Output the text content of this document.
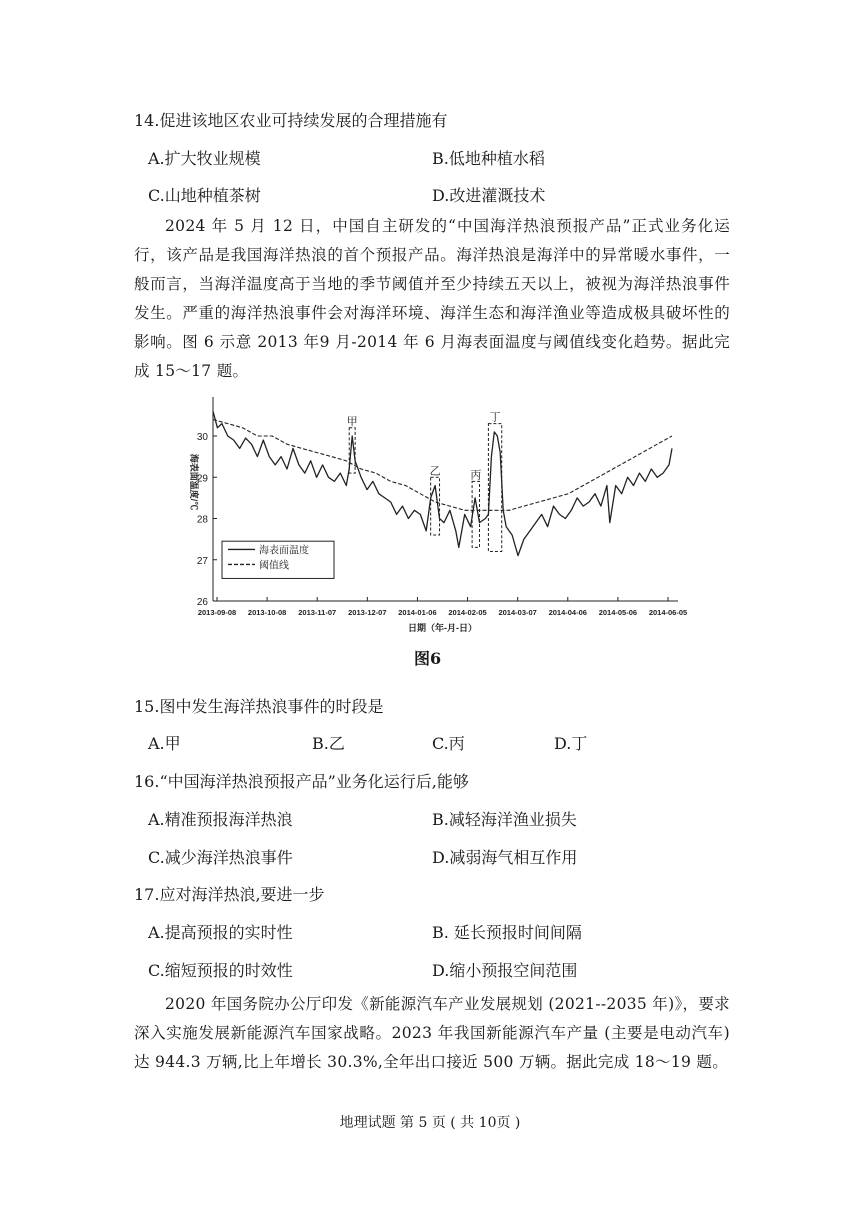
14.促进该地区农业可持续发展的合理措施有
A.扩大牧业规模	B.低地种植水稻
C.山地种植茶树	D.改进灌溉技术
2024 年 5 月 12 日，中国自主研发的“中国海洋热浪预报产品”正式业务化运行，该产品是我国海洋热浪的首个预报产品。海洋热浪是海洋中的异常暖水事件，一般而言，当海洋温度高于当地的季节阈值并至少持续五天以上，被视为海洋热浪事件发生。严重的海洋热浪事件会对海洋环境、海洋生态和海洋渔业等造成极具破坏性的影响。图 6 示意 2013 年9 月-2014 年 6 月海表面温度与阈值线变化趋势。据此完成 15～17 题。
26
27
28
29
30
2013-09-08 2013-10-08 2013-11-07 2013-12-07 2014-01-06 2014-02-05 2014-03-07 2014-04-06 2014-05-06 2014-06-05
日期（年-月-日）
海表面温度/℃
甲
乙	丙
丁
海表面温度
阈值线
图6
15.图中发生海洋热浪事件的时段是
A.甲	B.乙	C.丙	D.丁
16.“中国海洋热浪预报产品”业务化运行后,能够
A.精准预报海洋热浪	B.减轻海洋渔业损失
C.减少海洋热浪事件	D.减弱海气相互作用
17.应对海洋热浪,要进一步
A.提高预报的实时性	B. 延长预报时间间隔
C.缩短预报的时效性	D.缩小预报空间范围
2020 年国务院办公厅印发《新能源汽车产业发展规划 (2021--2035 年)》，要求深入实施发展新能源汽车国家战略。2023 年我国新能源汽车产量 (主要是电动汽车) 达 944.3 万辆,比上年增长 30.3%,全年出口接近 500 万辆。据此完成 18～19 题。
地理试题 第 5 页 ( 共 10页 )
